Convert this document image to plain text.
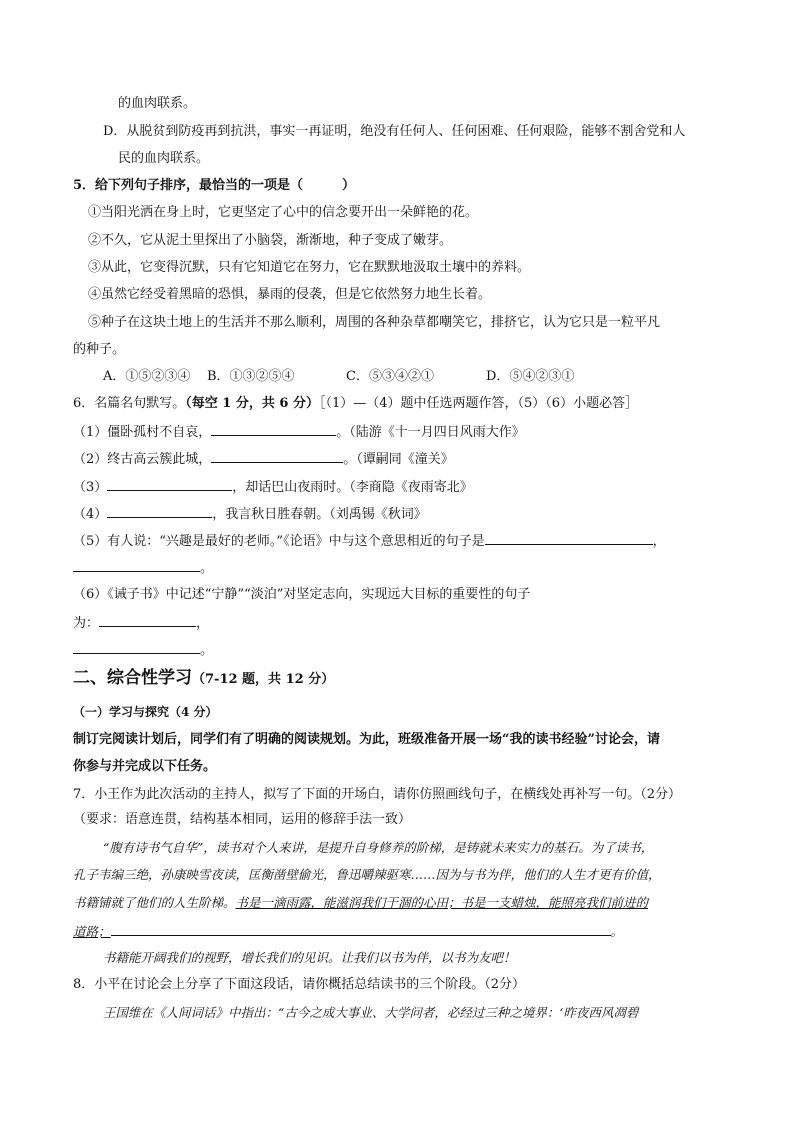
的血肉联系。
D．从脱贫到防疫再到抗洪，事实一再证明，绝没有任何人、任何困难、任何艰险，能够不割舍党和人
民的血肉联系。
5．给下列句子排序，最恰当的一项是（　　　）
①当阳光洒在身上时，它更坚定了心中的信念要开出一朵鲜艳的花。
②不久，它从泥土里探出了小脑袋，渐渐地，种子变成了嫩芽。
③从此，它变得沉默，只有它知道它在努力，它在默默地汲取土壤中的养料。
④虽然它经受着黑暗的恐惧，暴雨的侵袭，但是它依然努力地生长着。
⑤种子在这块土地上的生活并不那么顺利，周围的各种杂草都嘲笑它，排挤它，认为它只是一粒平凡
的种子。
A．①⑤②③④ B．①③②⑤④	C．⑤③④②①	D．⑤④②③①
6．名篇名句默写。（每空 1 分，共 6 分）［（1）—（4）题中任选两题作答，（5）（6）小题必答］
（1）僵卧孤村不自哀，	。（陆游《十一月四日风雨大作》
（2）终古高云簇此城，	。（谭嗣同《潼关》
（3）	，却话巴山夜雨时。（李商隐《夜雨寄北》
（4）	，我言秋日胜春朝。（刘禹锡《秋词》
（5）有人说：“兴趣是最好的老师。”《论语》中与这个意思相近的句子是	，
。
（6）《诫子书》中记述“宁静”“淡泊”对坚定志向，实现远大目标的重要性的句子
为：	，
。
二、综合性学习（7-12 题，共 12 分）
（一）学习与探究（4 分）
制订完阅读计划后，同学们有了明确的阅读规划。为此，班级准备开展一场“我的读书经验”讨论会，请
你参与并完成以下任务。
7．小王作为此次活动的主持人，拟写了下面的开场白，请你仿照画线句子，在横线处再补写一句。（2分）
（要求：语意连贯，结构基本相同，运用的修辞手法一致）
“腹有诗书气自华”，读书对个人来讲，是提升自身修养的阶梯，是铸就未来实力的基石。为了读书，
孔子韦编三绝，孙康映雪夜读，匡衡凿壁偷光，鲁迅嚼辣驱寒……因为与书为伴，他们的人生才更有价值，
书籍铺就了他们的人生阶梯。书是一滴雨露，能滋润我们干涸的心田；书是一支蜡烛，能照亮我们前进的
道路；	。
书籍能开阔我们的视野，增长我们的见识。让我们以书为伴，以书为友吧！
8．小平在讨论会上分享了下面这段话，请你概括总结读书的三个阶段。（2分）
王国维在《人间词话》中指出：“古今之成大事业、大学问者，必经过三种之境界：‘昨夜西风凋碧
